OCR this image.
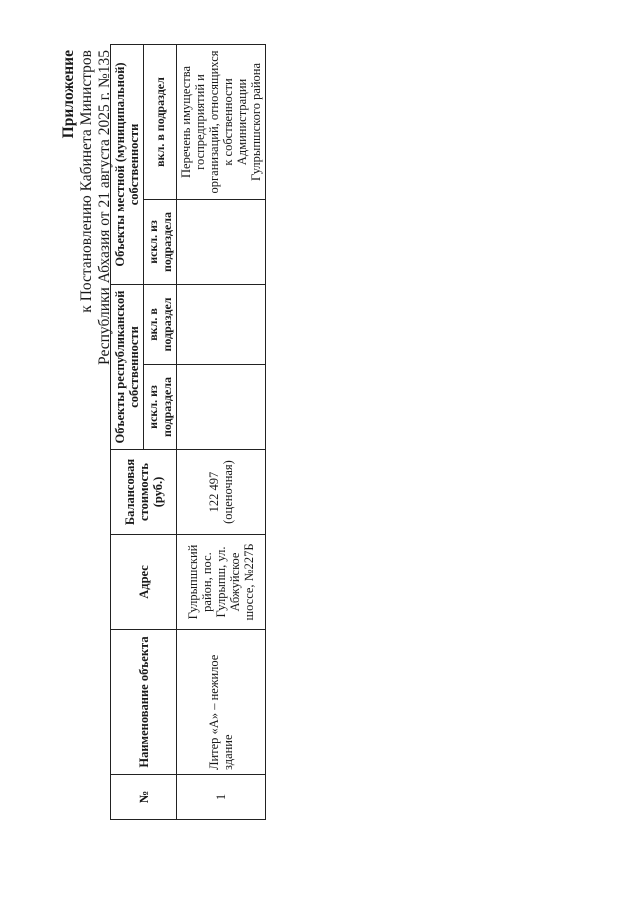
Приложение к Постановлению Кабинета Министров Республики Абхазия от 21 августа 2025 г. №135
№	Наименование объекта	Адрес	Балансовая стоимость (руб.)	Объекты республиканской собственности		Объекты местной (муниципальной) собственности	
				искл. из подраздела	вкл. в подраздел	искл. из подраздела	вкл. в подраздел
1	Литер «А» – нежилое здание	Гулрыпшский район, пос. Гулрыпш, ул. Абжуйское шоссе, №227Б	122 497 (оценочная)				Перечень имущества госпредприятий и организаций, относящихся к собственности Администрации Гулрыпшского района
